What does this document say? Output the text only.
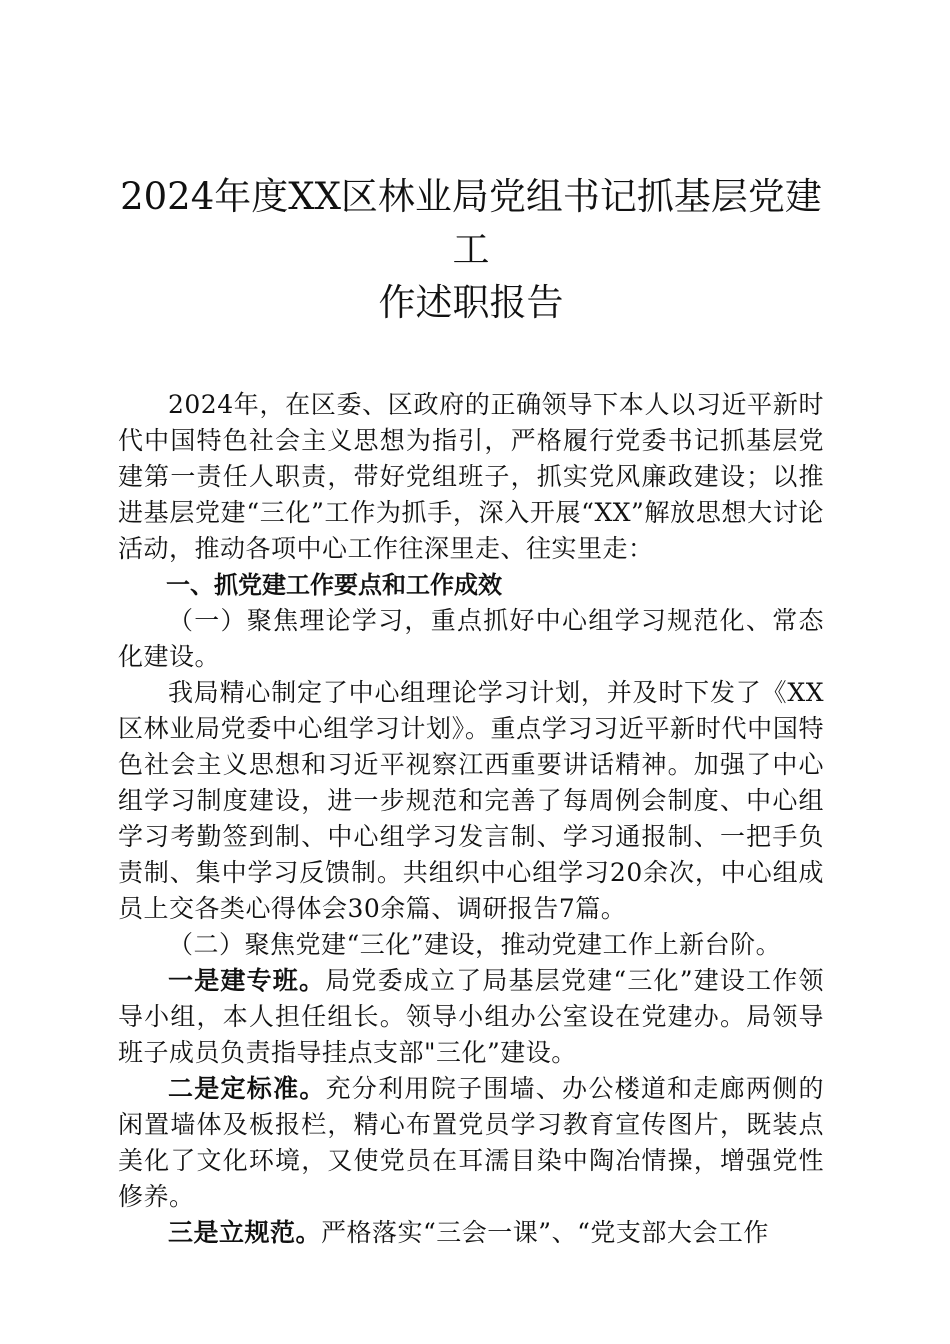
2024年度XX区林业局党组书记抓基层党建工
作述职报告

2024年，在区委、区政府的正确领导下本人以习近平新时代中国特色社会主义思想为指引，严格履行党委书记抓基层党建第一责任人职责，带好党组班子，抓实党风廉政建设；以推进基层党建“三化”工作为抓手，深入开展“XX”解放思想大讨论活动，推动各项中心工作往深里走、往实里走：

一、抓党建工作要点和工作成效

（一）聚焦理论学习，重点抓好中心组学习规范化、常态化建设。

我局精心制定了中心组理论学习计划，并及时下发了《XX区林业局党委中心组学习计划》。重点学习习近平新时代中国特色社会主义思想和习近平视察江西重要讲话精神。加强了中心组学习制度建设，进一步规范和完善了每周例会制度、中心组学习考勤签到制、中心组学习发言制、学习通报制、一把手负责制、集中学习反馈制。共组织中心组学习20余次，中心组成员上交各类心得体会30余篇、调研报告7篇。

（二）聚焦党建“三化”建设，推动党建工作上新台阶。

一是建专班。局党委成立了局基层党建“三化”建设工作领导小组，本人担任组长。领导小组办公室设在党建办。局领导班子成员负责指导挂点支部"三化”建设。

二是定标准。充分利用院子围墙、办公楼道和走廊两侧的闲置墙体及板报栏，精心布置党员学习教育宣传图片，既装点美化了文化环境，又使党员在耳濡目染中陶冶情操，增强党性修养。

三是立规范。严格落实“三会一课”、“党支部大会工作
